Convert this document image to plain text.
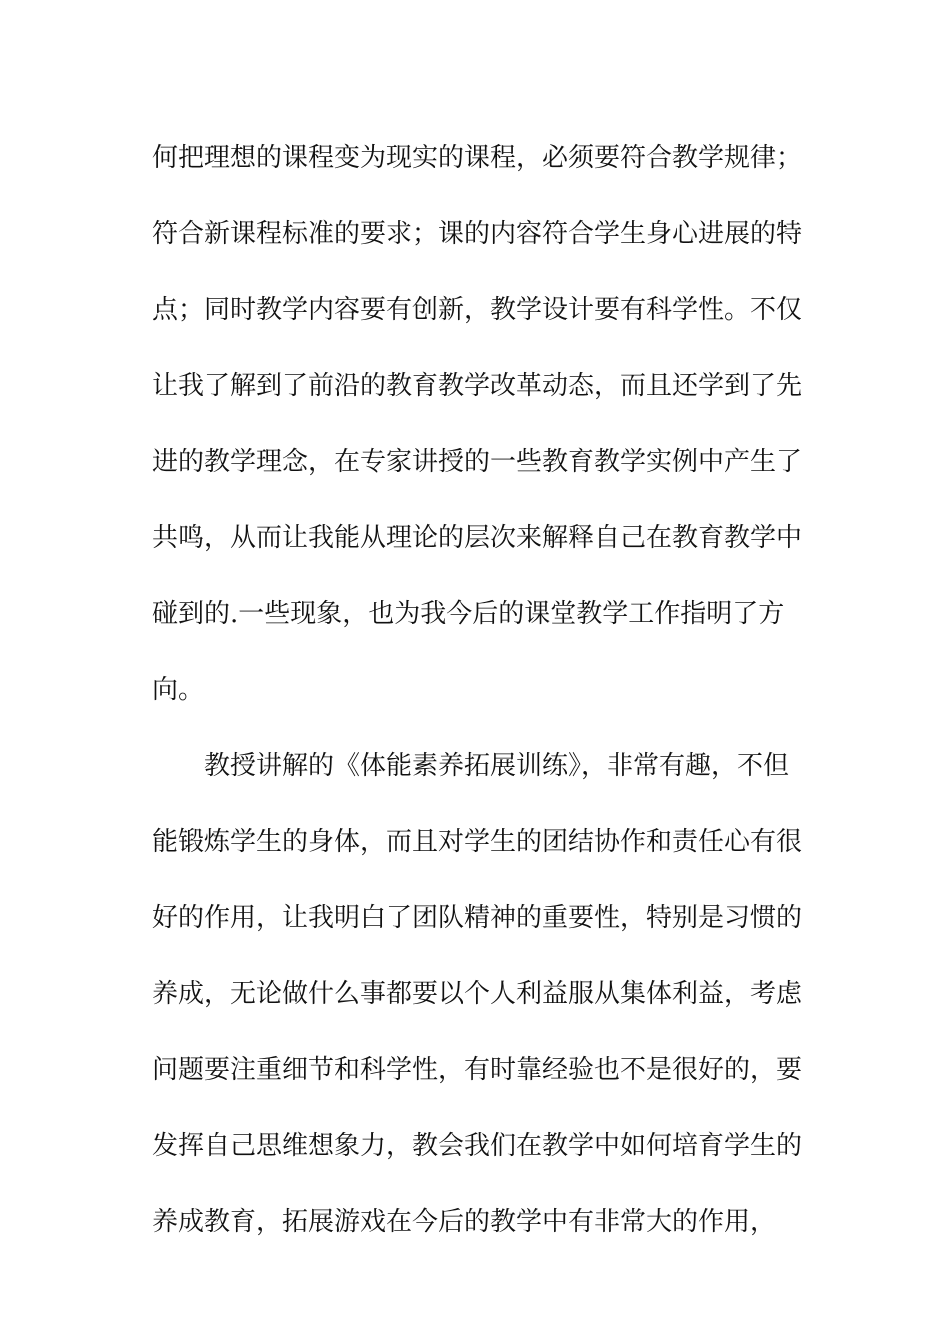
何把理想的课程变为现实的课程，必须要符合教学规律；
符合新课程标准的要求；课的内容符合学生身心进展的特
点；同时教学内容要有创新，教学设计要有科学性。不仅
让我了解到了前沿的教育教学改革动态，而且还学到了先
进的教学理念，在专家讲授的一些教育教学实例中产生了
共鸣，从而让我能从理论的层次来解释自己在教育教学中
碰到的.一些现象，也为我今后的课堂教学工作指明了方
向。
教授讲解的《体能素养拓展训练》，非常有趣，不但
能锻炼学生的身体，而且对学生的团结协作和责任心有很
好的作用，让我明白了团队精神的重要性，特别是习惯的
养成，无论做什么事都要以个人利益服从集体利益，考虑
问题要注重细节和科学性，有时靠经验也不是很好的，要
发挥自己思维想象力，教会我们在教学中如何培育学生的
养成教育，拓展游戏在今后的教学中有非常大的作用，
